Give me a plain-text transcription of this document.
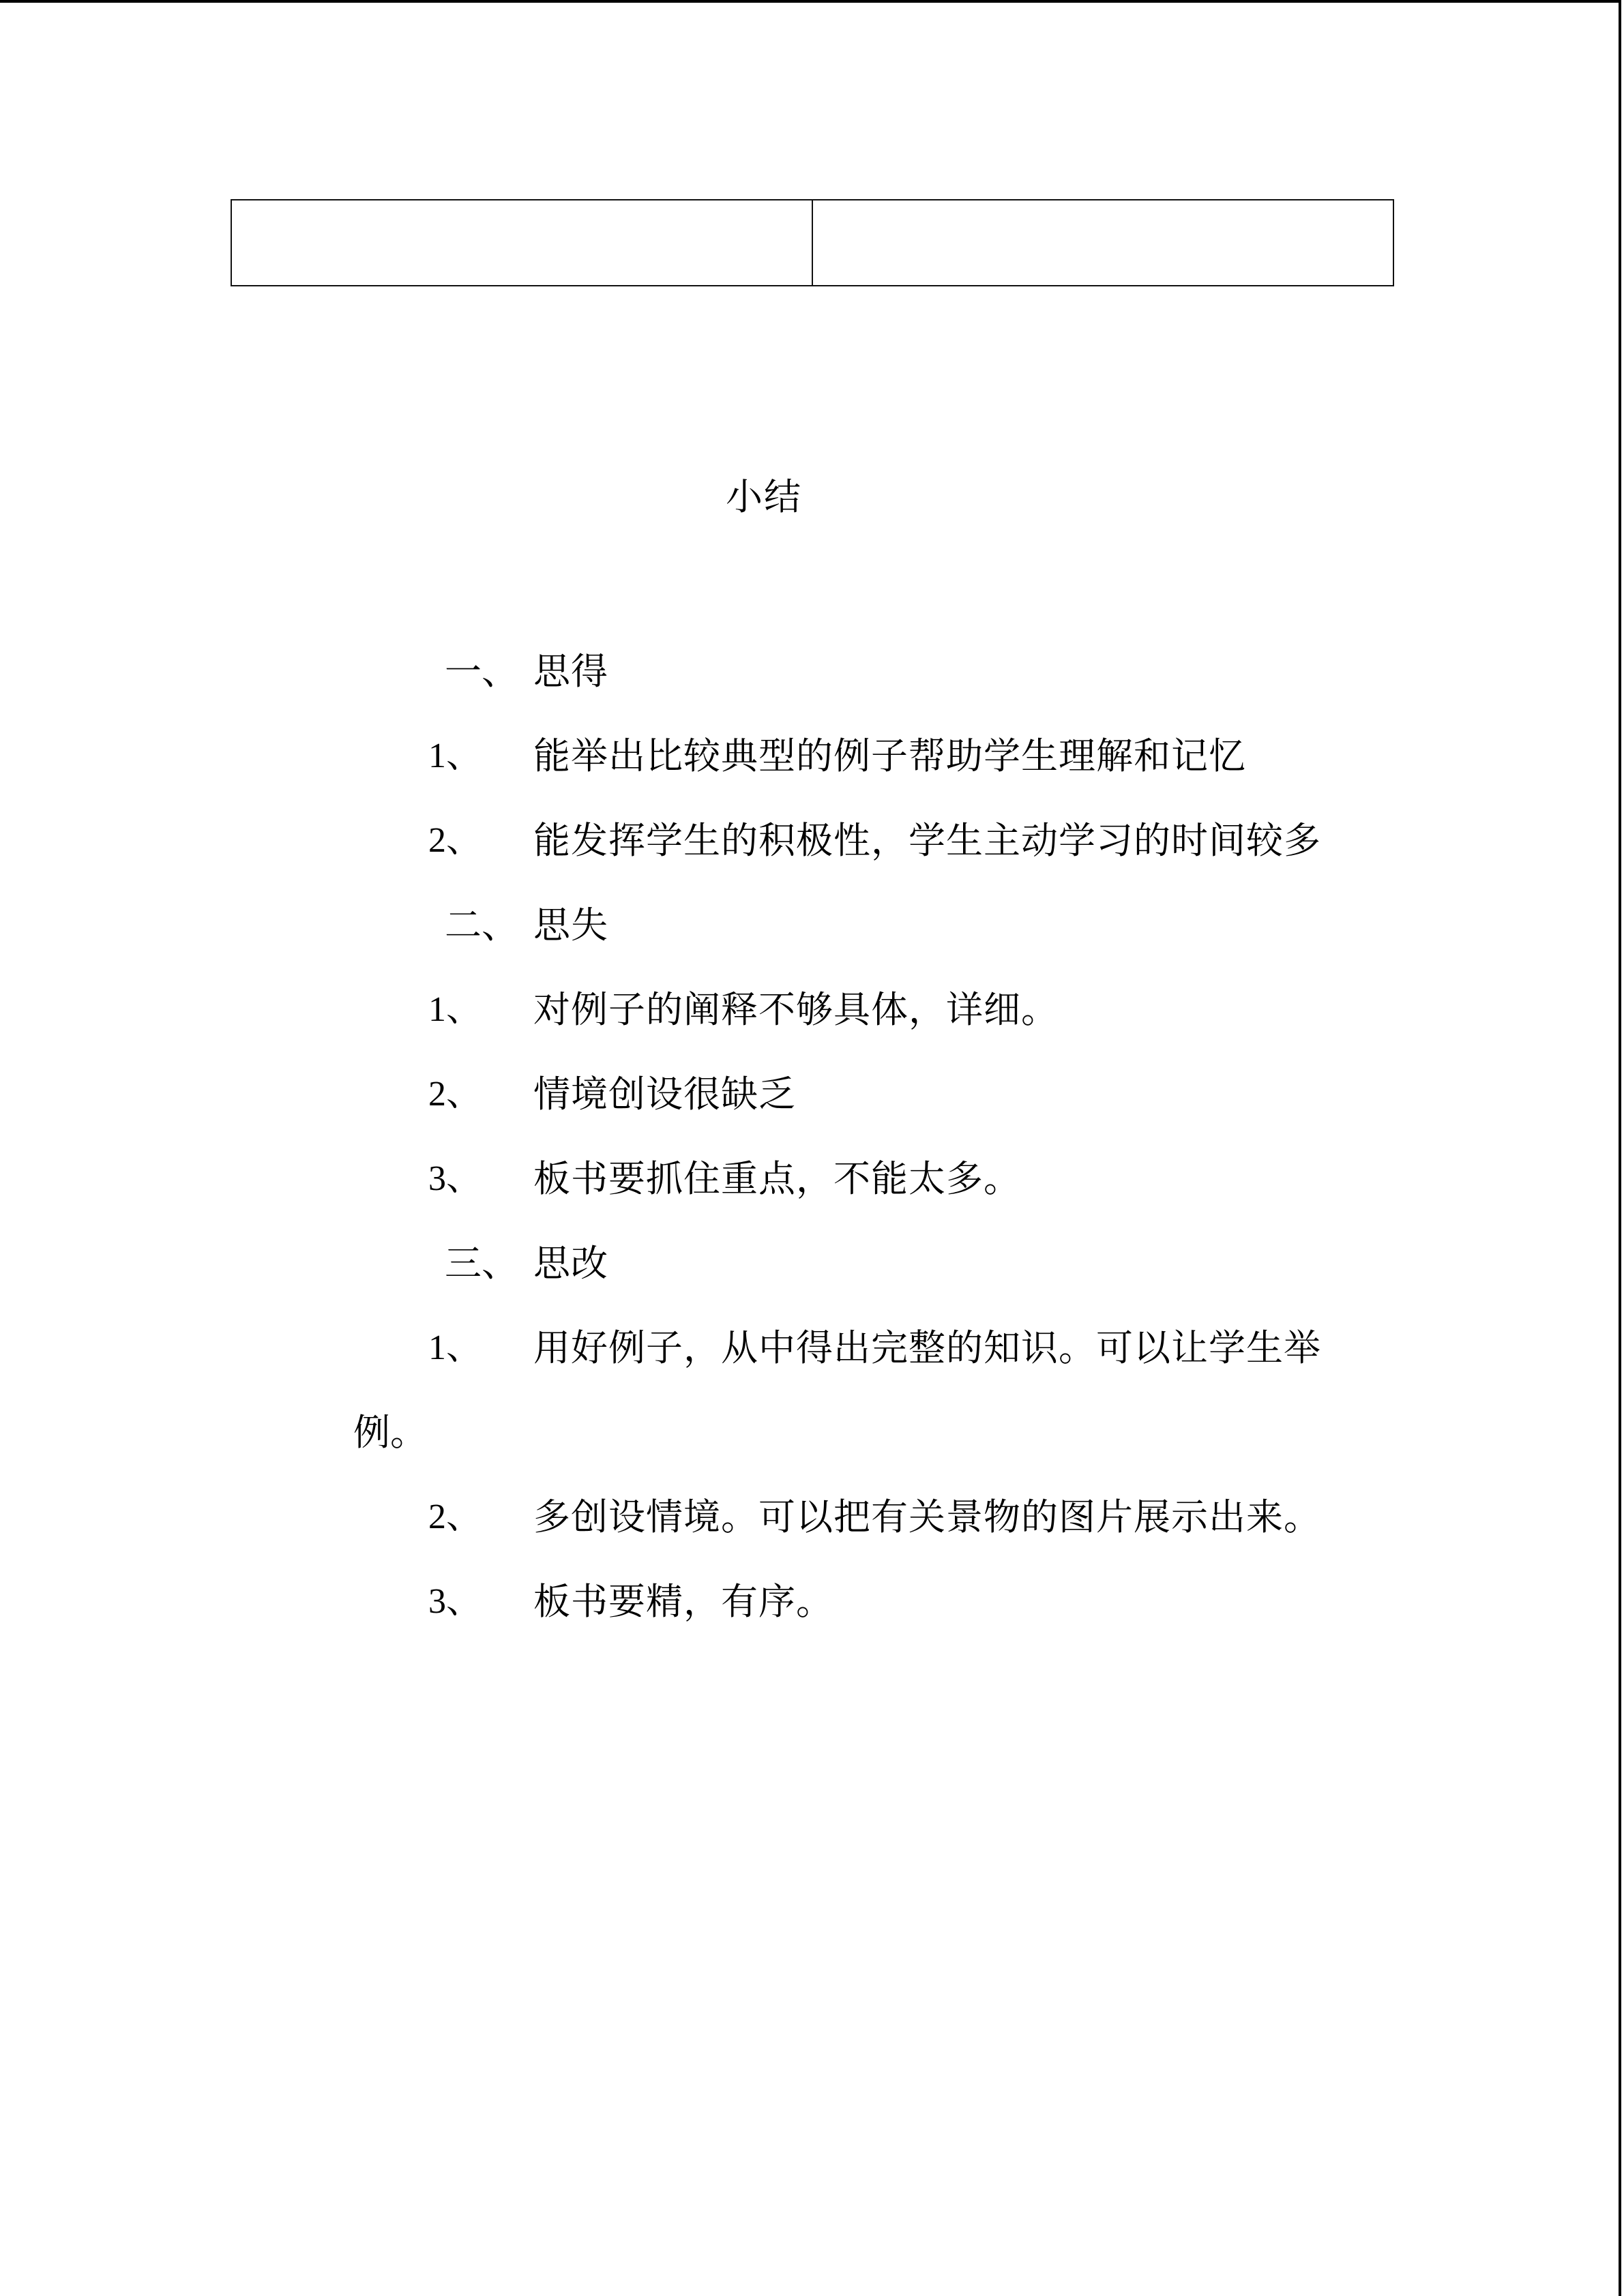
小结
一、 思得
1、 能举出比较典型的例子帮助学生理解和记忆
2、 能发挥学生的积极性，学生主动学习的时间较多
二、 思失
1、 对例子的阐释不够具体，详细。
2、 情境创设很缺乏
3、 板书要抓住重点，不能太多。
三、 思改
1、 用好例子，从中得出完整的知识。可以让学生举
例。
2、 多创设情境。可以把有关景物的图片展示出来。
3、 板书要精，有序。
